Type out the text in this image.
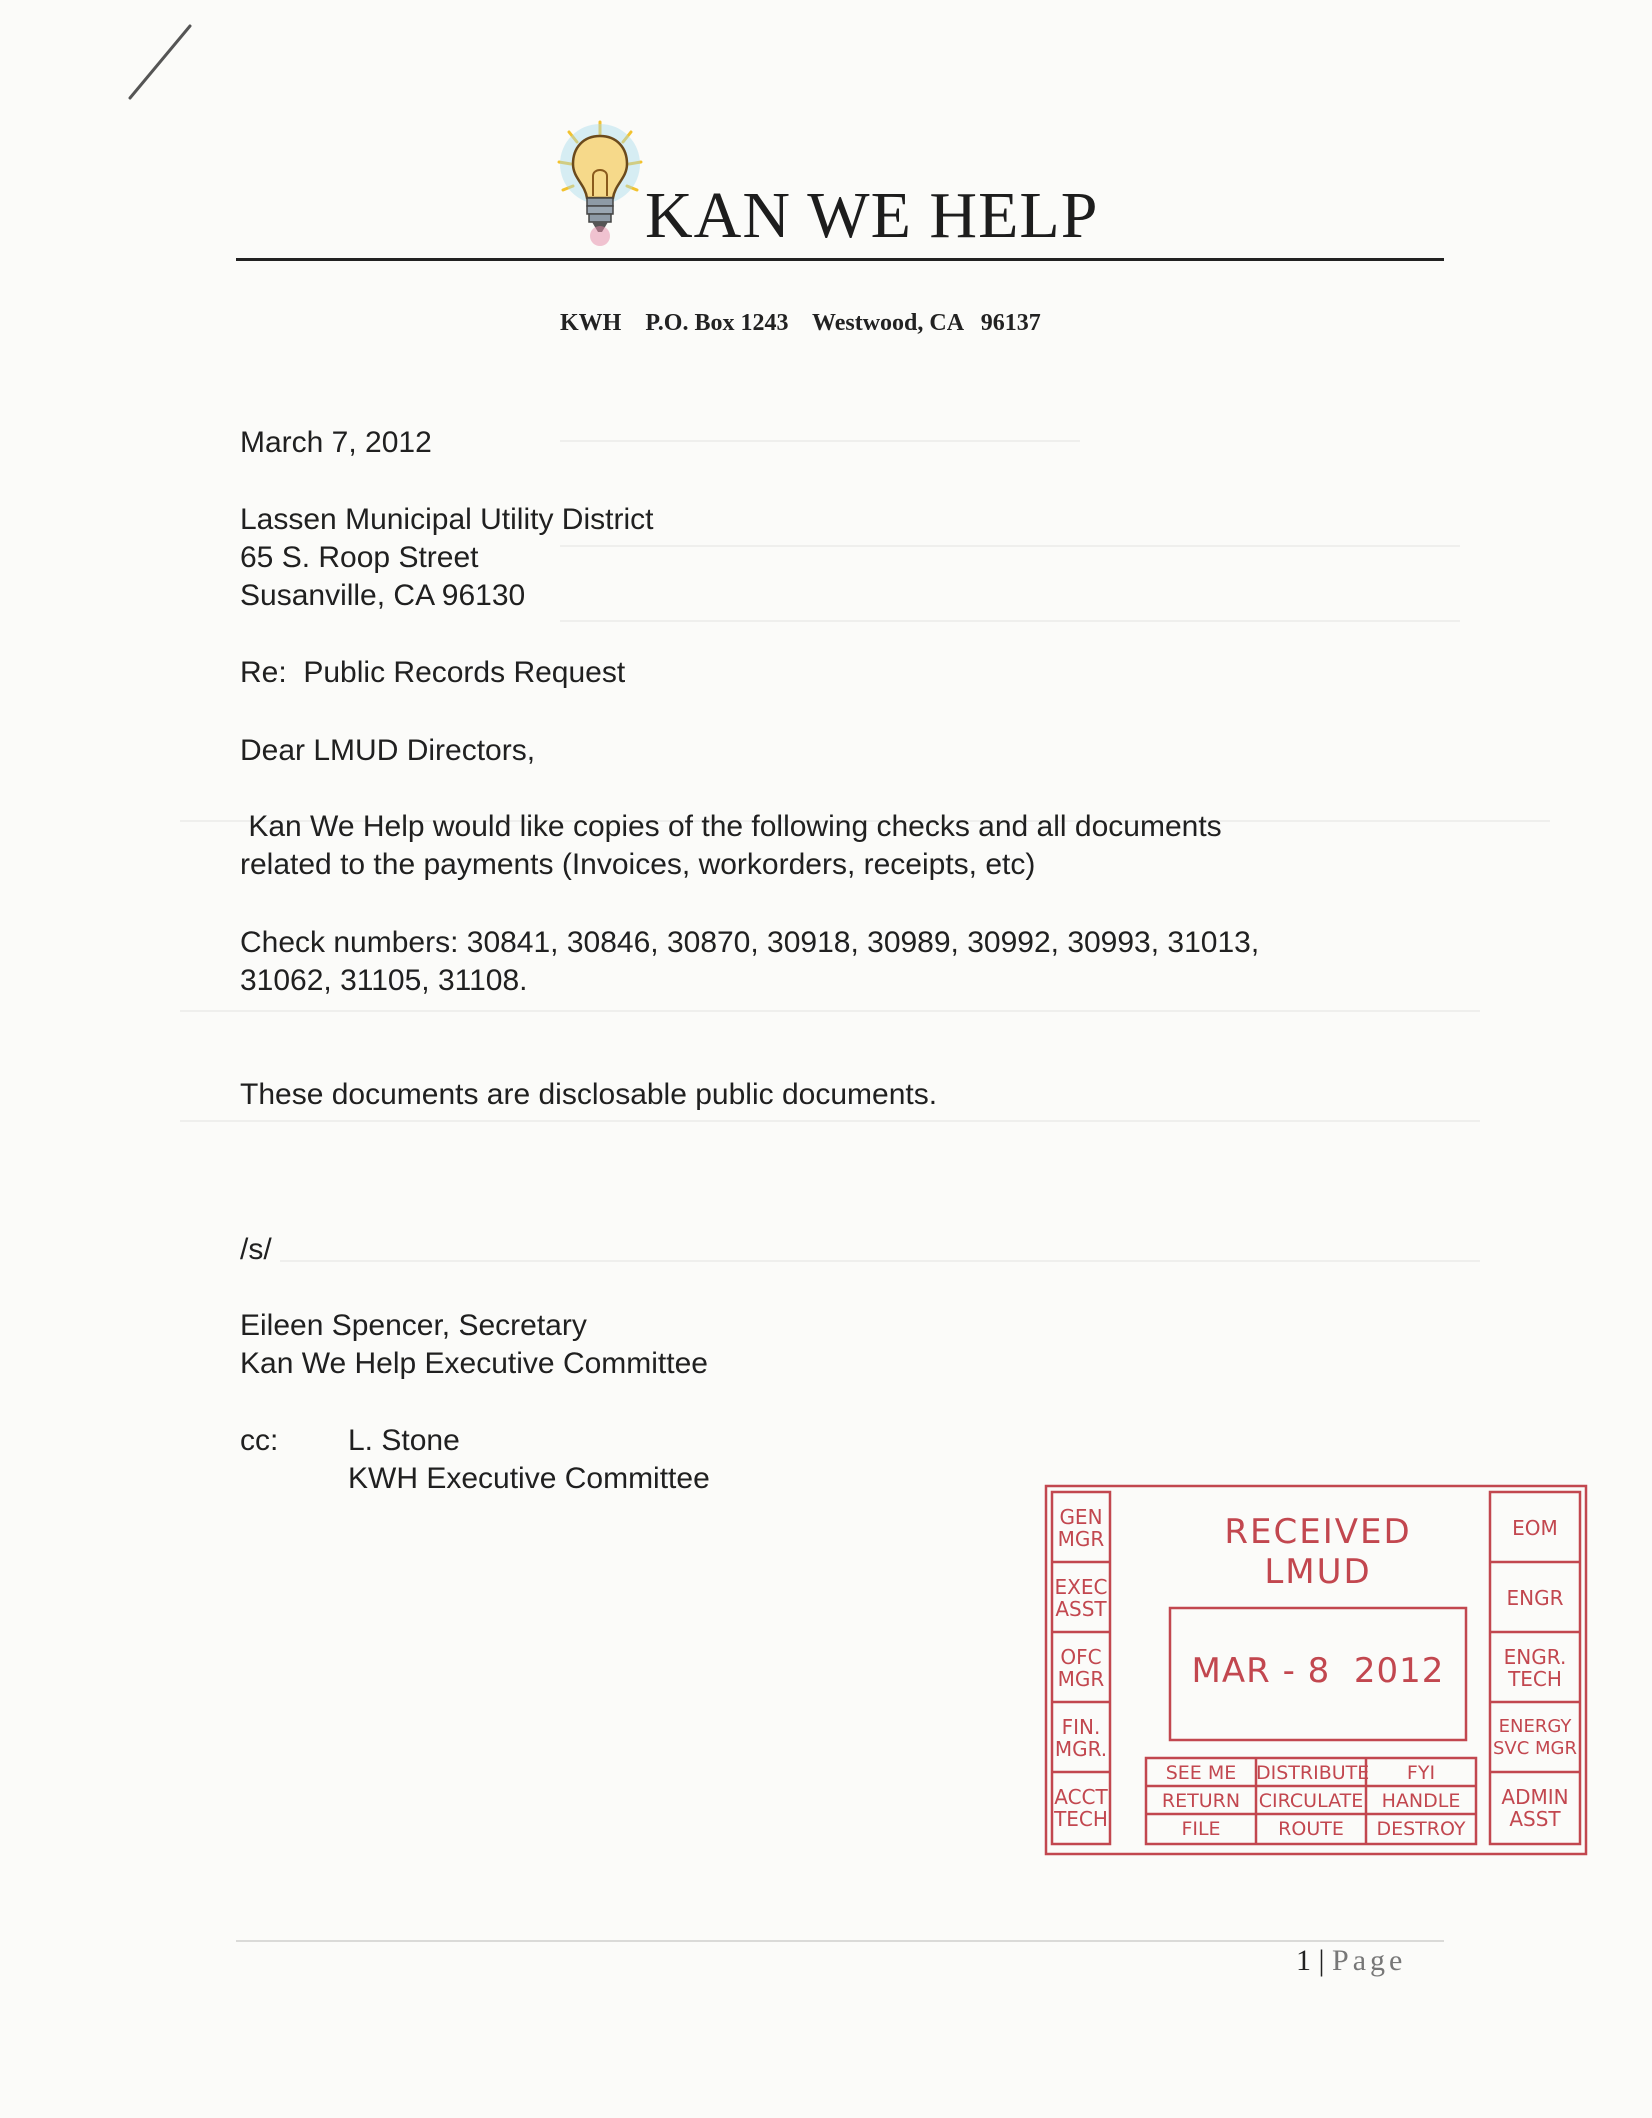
KAN WE HELP
KWH    P.O. Box 1243    Westwood, CA   96137
March 7, 2012
Lassen Municipal Utility District
65 S. Roop Street
Susanville, CA 96130
Re:  Public Records Request
Dear LMUD Directors,
Kan We Help would like copies of the following checks and all documents
related to the payments (Invoices, workorders, receipts, etc)
Check numbers: 30841, 30846, 30870, 30918, 30989, 30992, 30993, 31013,
31062, 31105, 31108.
These documents are disclosable public documents.
/s/
Eileen Spencer, Secretary
Kan We Help Executive Committee
cc: L. Stone
KWH Executive Committee
GEN
MGR
EXEC
ASST
OFC
MGR
FIN.
MGR.
ACCT
TECH
EOM
ENGR
ENGR.
TECH
ENERGY
SVC MGR
ADMIN
ASST
RECEIVED
LMUD
MAR - 8  2012
SEE ME	DISTRIBUTE	FYI
RETURN CIRCULATE HANDLE
FILE	ROUTE	DESTROY
1 | Page
